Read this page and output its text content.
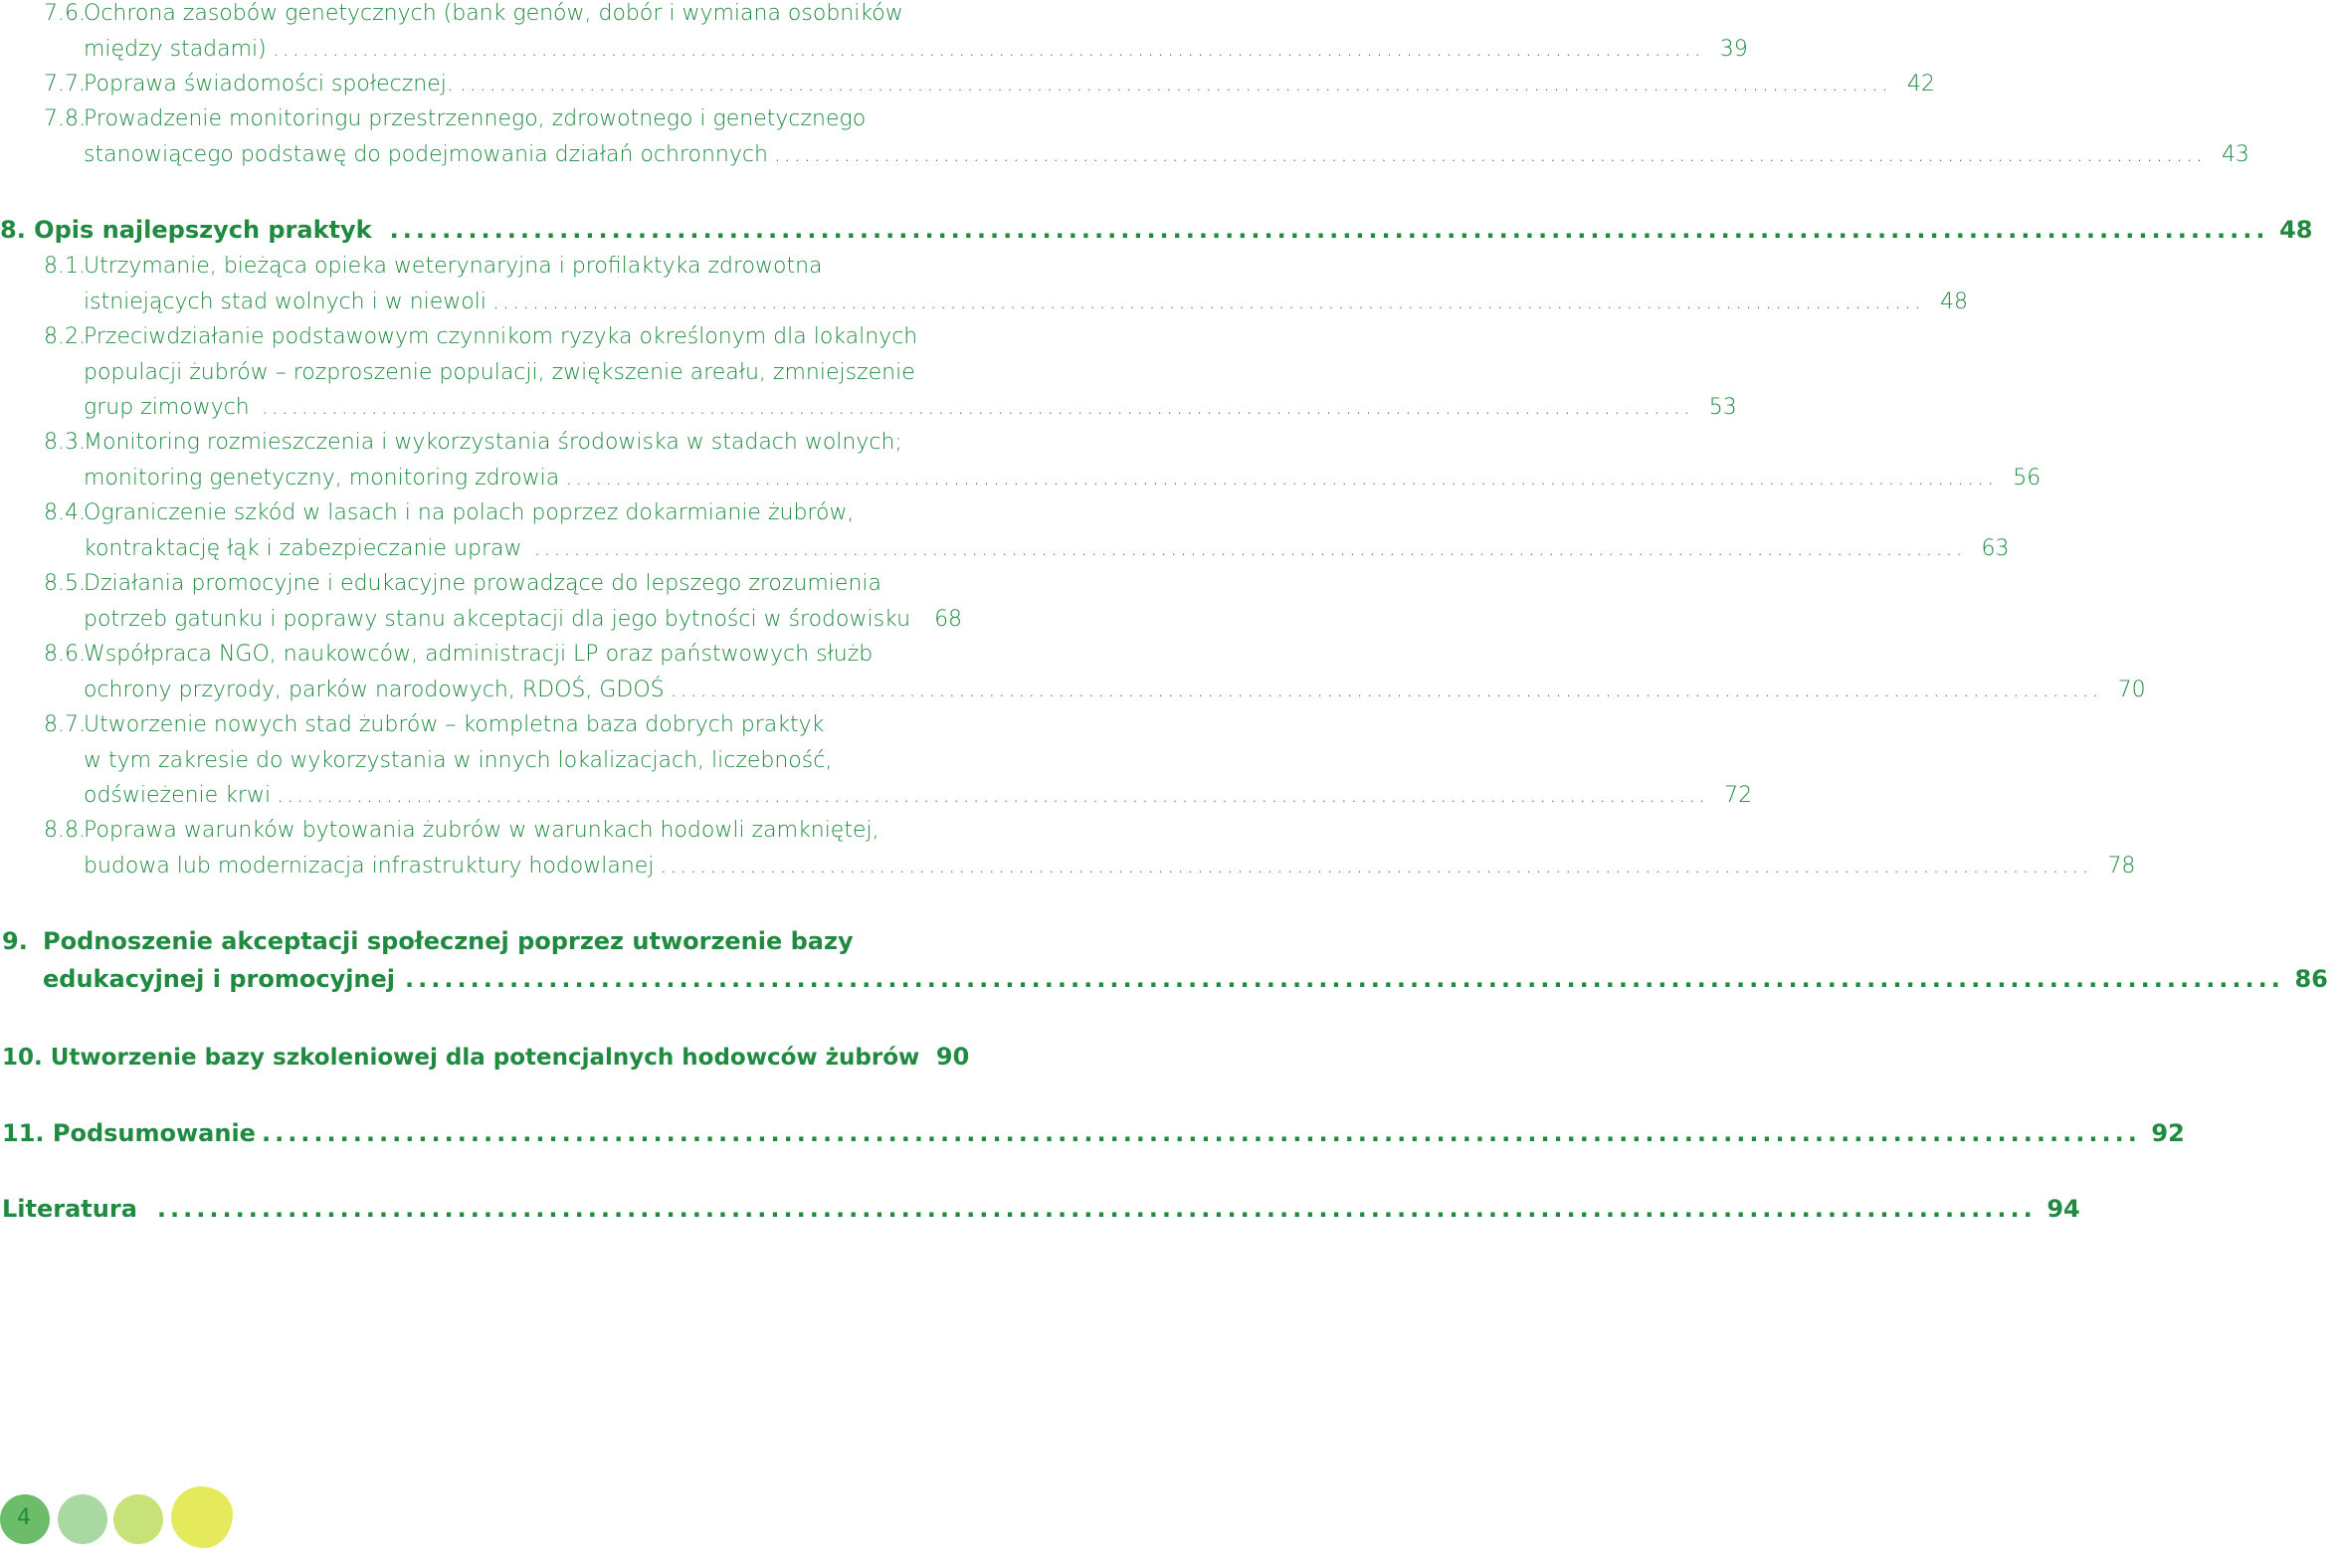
7.6.
Ochrona zasobów genetycznych (bank genów, dobór i wymiana osobników
między stadami) ................................................................................................................................................ 39
7.7.
Poprawa świadomości społecznej. ................................................................................................................................................ 42
7.8.
Prowadzenie monitoringu przestrzennego, zdrowotnego i genetycznego
stanowiącego podstawę do podejmowania działań ochronnych ................................................................................................................................................ 43
8. Opis najlepszych praktyk ................................................................................................................................................ 48
8.1.
Utrzymanie, bieżąca opieka weterynaryjna i profilaktyka zdrowotna
istniejących stad wolnych i w niewoli ................................................................................................................................................ 48
8.2.
Przeciwdziałanie podstawowym czynnikom ryzyka określonym dla lokalnych
populacji żubrów – rozproszenie populacji, zwiększenie areału, zmniejszenie
grup zimowych ................................................................................................................................................ 53
8.3.
Monitoring rozmieszczenia i wykorzystania środowiska w stadach wolnych;
monitoring genetyczny, monitoring zdrowia ................................................................................................................................................ 56
8.4.
Ograniczenie szkód w lasach i na polach poprzez dokarmianie żubrów,
kontraktację łąk i zabezpieczanie upraw ................................................................................................................................................ 63
8.5.
Działania promocyjne i edukacyjne prowadzące do lepszego zrozumienia
potrzeb gatunku i poprawy stanu akceptacji dla jego bytności w środowisku	68
8.6.
Współpraca NGO, naukowców, administracji LP oraz państwowych służb
ochrony przyrody, parków narodowych, RDOŚ, GDOŚ ................................................................................................................................................ 70
8.7.
Utworzenie nowych stad żubrów – kompletna baza dobrych praktyk
w tym zakresie do wykorzystania w innych lokalizacjach, liczebność,
odświeżenie krwi ................................................................................................................................................ 72
8.8.
Poprawa warunków bytowania żubrów w warunkach hodowli zamkniętej,
budowa lub modernizacja infrastruktury hodowlanej ................................................................................................................................................ 78
9. Podnoszenie akceptacji społecznej poprzez utworzenie bazy
edukacyjnej i promocyjnej ................................................................................................................................................ 86
10. Utworzenie bazy szkoleniowej dla potencjalnych hodowców żubrów 90
11. Podsumowanie ................................................................................................................................................ 92
Literatura ................................................................................................................................................ 94
4
